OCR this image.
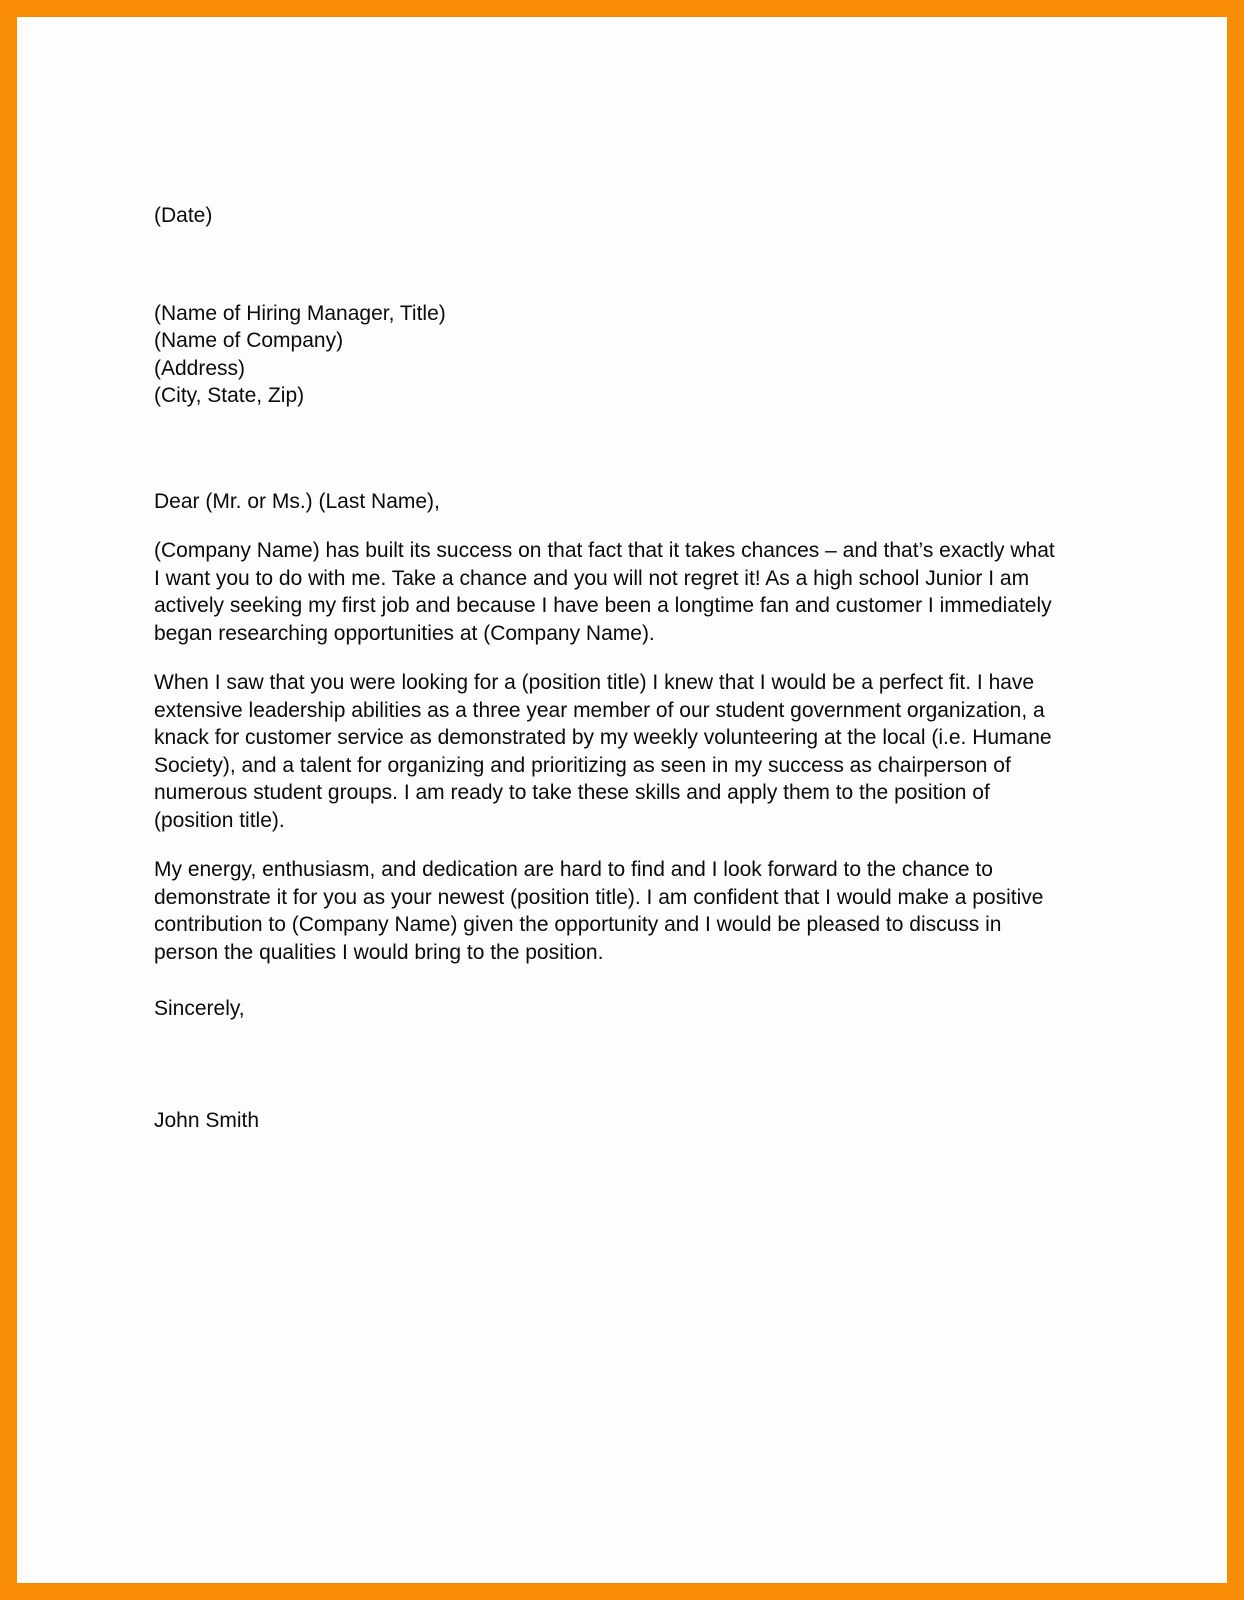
(Date)

(Name of Hiring Manager, Title)

(Name of Company)

(Address)

(City, State, Zip)

Dear (Mr. or Ms.) (Last Name),

(Company Name) has built its success on that fact that it takes chances – and that’s exactly what I want you to do with me. Take a chance and you will not regret it! As a high school Junior I am actively seeking my first job and because I have been a longtime fan and customer I immediately began researching opportunities at (Company Name).

When I saw that you were looking for a (position title) I knew that I would be a perfect fit. I have extensive leadership abilities as a three year member of our student government organization, a knack for customer service as demonstrated by my weekly volunteering at the local (i.e. Humane Society), and a talent for organizing and prioritizing as seen in my success as chairperson of numerous student groups. I am ready to take these skills and apply them to the position of (position title).

My energy, enthusiasm, and dedication are hard to find and I look forward to the chance to demonstrate it for you as your newest (position title). I am confident that I would make a positive contribution to (Company Name) given the opportunity and I would be pleased to discuss in person the qualities I would bring to the position.

Sincerely,

John Smith
